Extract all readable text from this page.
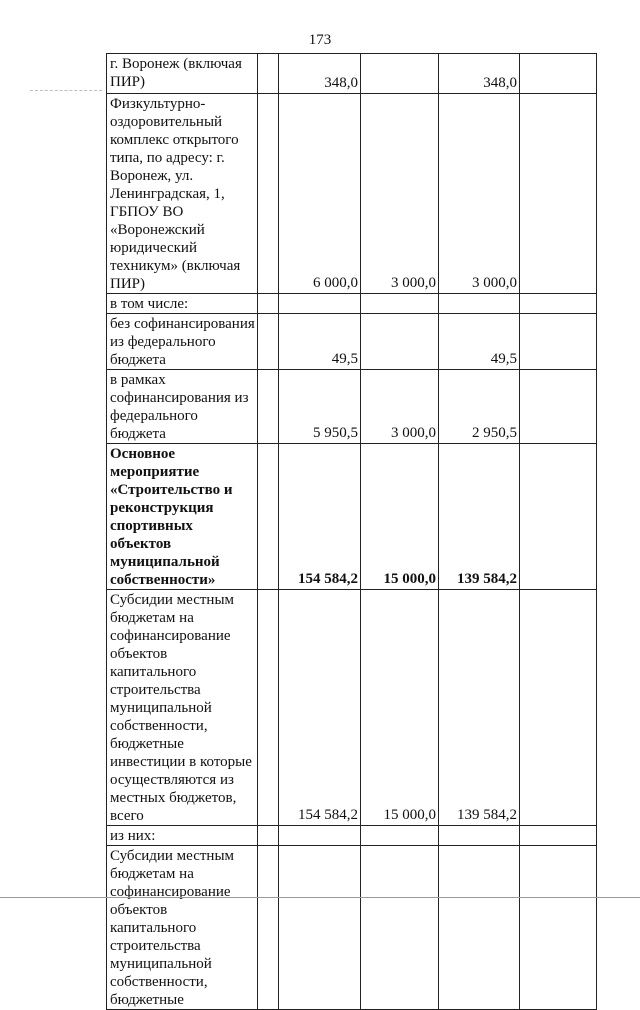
173
г. Воронеж (включая ПИР)		348,0		348,0	
Физкультурно-оздоровительный комплекс открытого типа, по адресу: г. Воронеж, ул. Ленинградская, 1, ГБПОУ ВО «Воронежский юридический техникум» (включая ПИР)		6 000,0	3 000,0	3 000,0	
в том числе:					
без софинансирования из федерального бюджета		49,5		49,5	
в рамках софинансирования из федерального бюджета		5 950,5	3 000,0	2 950,5	
Основное мероприятие «Строительство и реконструкция спортивных объектов муниципальной собственности»		154 584,2	15 000,0	139 584,2	
Субсидии местным бюджетам на софинансирование объектов капитального строительства муниципальной собственности, бюджетные инвестиции в которые осуществляются из местных бюджетов, всего		154 584,2	15 000,0	139 584,2	
из них:					
Субсидии местным бюджетам на софинансирование объектов капитального строительства муниципальной собственности, бюджетные					
